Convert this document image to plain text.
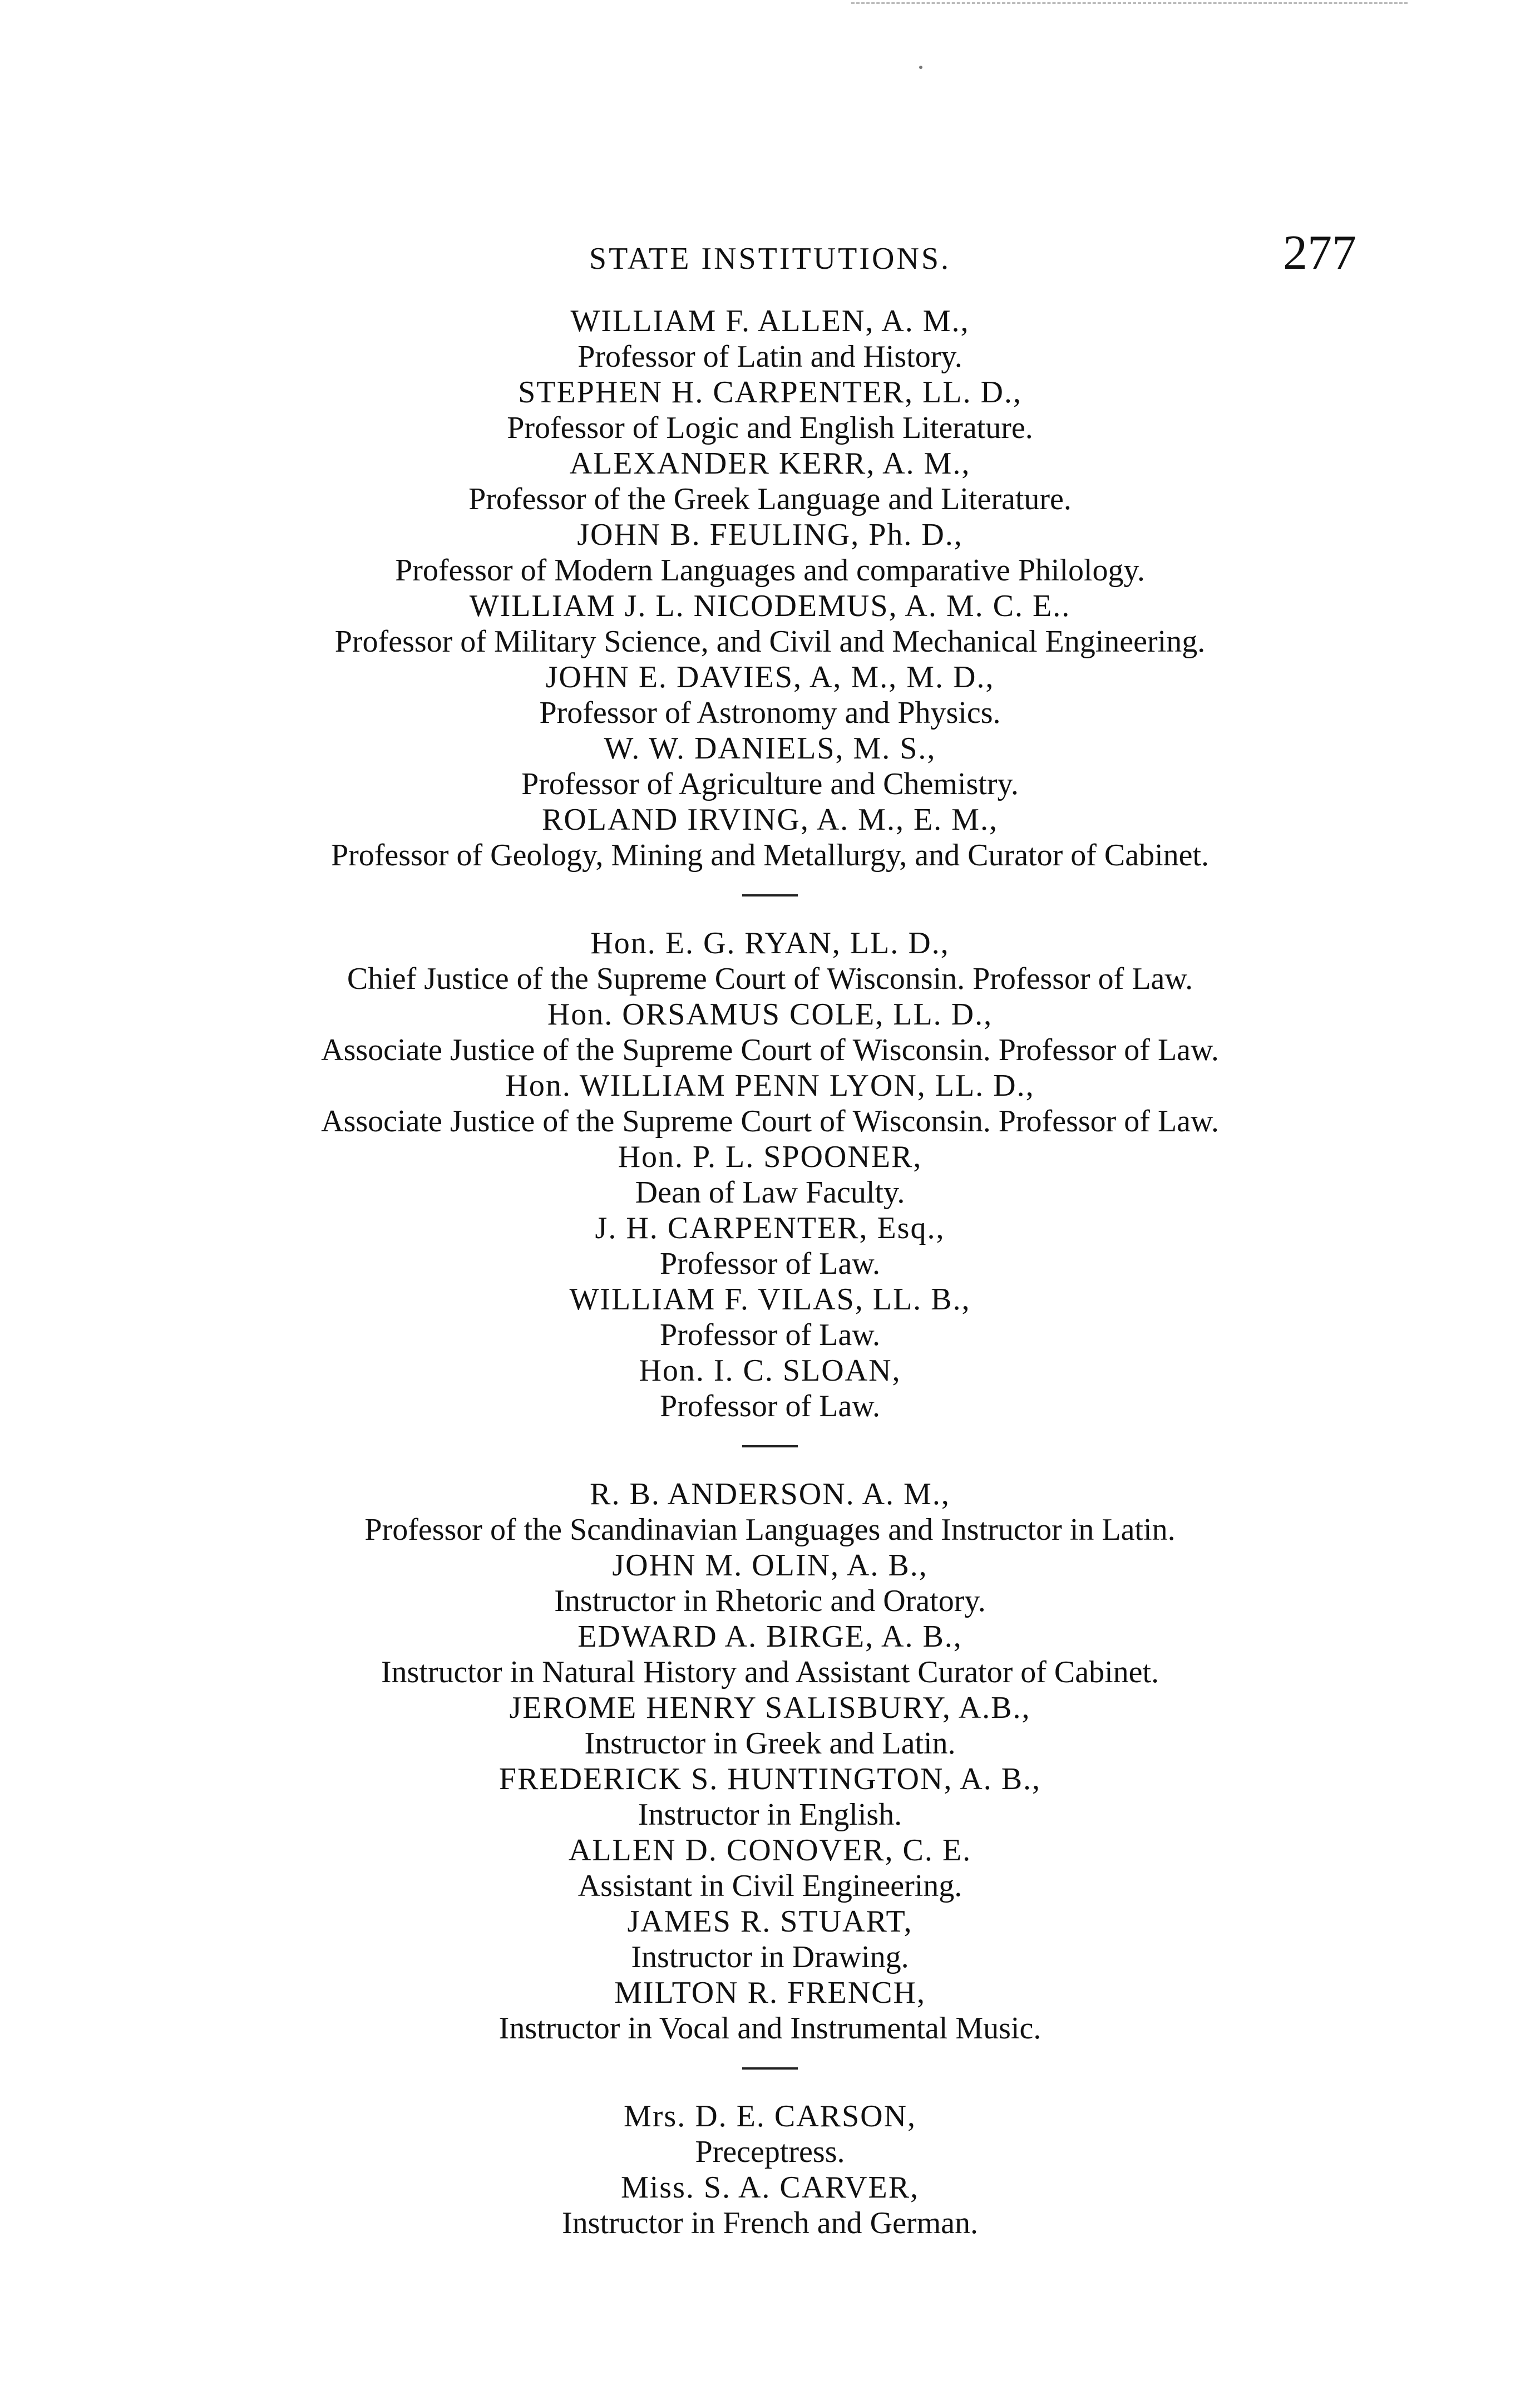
STATE INSTITUTIONS.	277
WILLIAM F. ALLEN, A. M.,
Professor of Latin and History.
STEPHEN H. CARPENTER, LL. D.,
Professor of Logic and English Literature.
ALEXANDER KERR, A. M.,
Professor of the Greek Language and Literature.
JOHN B. FEULING, Ph. D.,
Professor of Modern Languages and comparative Philology.
WILLIAM J. L. NICODEMUS, A. M. C. E..
Professor of Military Science, and Civil and Mechanical Engineering.
JOHN E. DAVIES, A, M., M. D.,
Professor of Astronomy and Physics.
W. W. DANIELS, M. S.,
Professor of Agriculture and Chemistry.
ROLAND IRVING, A. M., E. M.,
Professor of Geology, Mining and Metallurgy, and Curator of Cabinet.
Hon. E. G. RYAN, LL. D.,
Chief Justice of the Supreme Court of Wisconsin. Professor of Law.
Hon. ORSAMUS COLE, LL. D.,
Associate Justice of the Supreme Court of Wisconsin. Professor of Law.
Hon. WILLIAM PENN LYON, LL. D.,
Associate Justice of the Supreme Court of Wisconsin. Professor of Law.
Hon. P. L. SPOONER,
Dean of Law Faculty.
J. H. CARPENTER, Esq.,
Professor of Law.
WILLIAM F. VILAS, LL. B.,
Professor of Law.
Hon. I. C. SLOAN,
Professor of Law.
R. B. ANDERSON. A. M.,
Professor of the Scandinavian Languages and Instructor in Latin.
JOHN M. OLIN, A. B.,
Instructor in Rhetoric and Oratory.
EDWARD A. BIRGE, A. B.,
Instructor in Natural History and Assistant Curator of Cabinet.
JEROME HENRY SALISBURY, A.B.,
Instructor in Greek and Latin.
FREDERICK S. HUNTINGTON, A. B.,
Instructor in English.
ALLEN D. CONOVER, C. E.
Assistant in Civil Engineering.
JAMES R. STUART,
Instructor in Drawing.
MILTON R. FRENCH,
Instructor in Vocal and Instrumental Music.
Mrs. D. E. CARSON,
Preceptress.
Miss. S. A. CARVER,
Instructor in French and German.
